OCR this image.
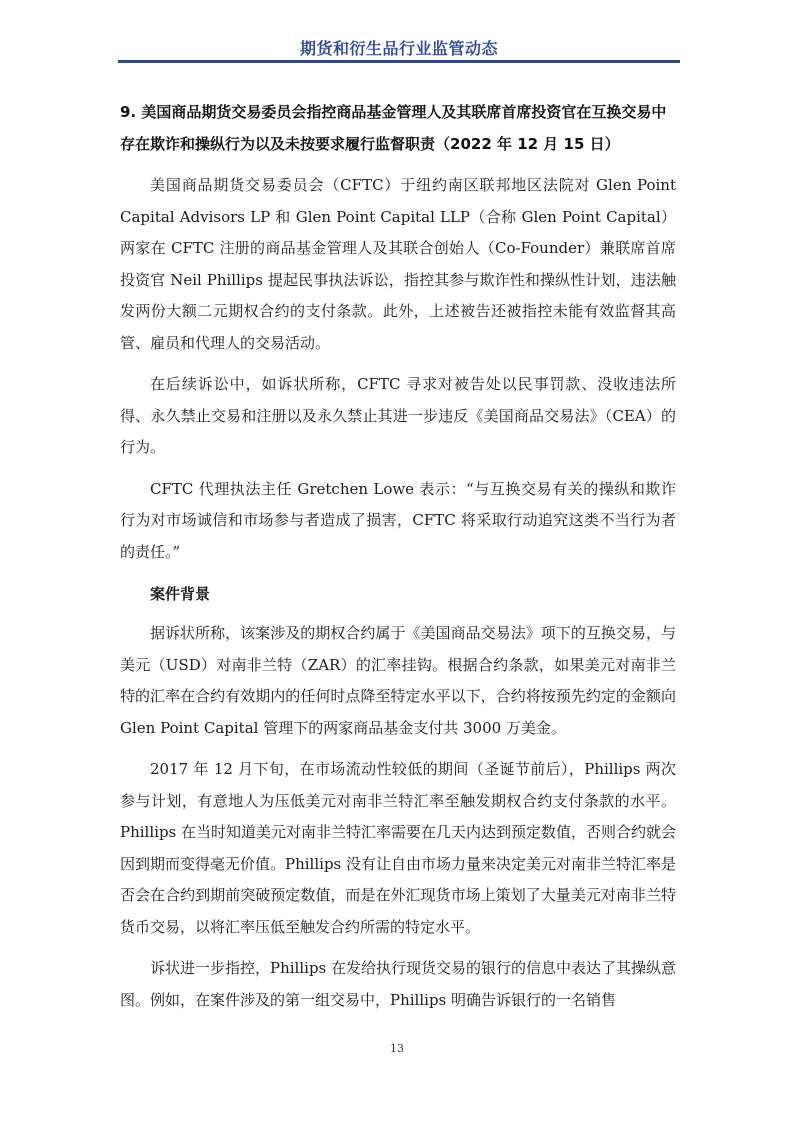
期货和衍生品行业监管动态

9. 美国商品期货交易委员会指控商品基金管理人及其联席首席投资官在互换交易中存在欺诈和操纵行为以及未按要求履行监督职责（2022 年 12 月 15 日）

美国商品期货交易委员会（CFTC）于纽约南区联邦地区法院对 Glen Point Capital Advisors LP 和 Glen Point Capital LLP（合称 Glen Point Capital）两家在 CFTC 注册的商品基金管理人及其联合创始人（Co-Founder）兼联席首席投资官 Neil Phillips 提起民事执法诉讼，指控其参与欺诈性和操纵性计划，违法触发两份大额二元期权合约的支付条款。此外，上述被告还被指控未能有效监督其高管、雇员和代理人的交易活动。

在后续诉讼中，如诉状所称，CFTC 寻求对被告处以民事罚款、没收违法所得、永久禁止交易和注册以及永久禁止其进一步违反《美国商品交易法》（CEA）的行为。

CFTC 代理执法主任 Gretchen Lowe 表示：“与互换交易有关的操纵和欺诈行为对市场诚信和市场参与者造成了损害，CFTC 将采取行动追究这类不当行为者的责任。”

案件背景

据诉状所称，该案涉及的期权合约属于《美国商品交易法》项下的互换交易，与美元（USD）对南非兰特（ZAR）的汇率挂钩。根据合约条款，如果美元对南非兰特的汇率在合约有效期内的任何时点降至特定水平以下，合约将按预先约定的金额向 Glen Point Capital 管理下的两家商品基金支付共 3000 万美金。

2017 年 12 月下旬，在市场流动性较低的期间（圣诞节前后），Phillips 两次参与计划，有意地人为压低美元对南非兰特汇率至触发期权合约支付条款的水平。Phillips 在当时知道美元对南非兰特汇率需要在几天内达到预定数值，否则合约就会因到期而变得毫无价值。Phillips 没有让自由市场力量来决定美元对南非兰特汇率是否会在合约到期前突破预定数值，而是在外汇现货市场上策划了大量美元对南非兰特货币交易，以将汇率压低至触发合约所需的特定水平。

诉状进一步指控，Phillips 在发给执行现货交易的银行的信息中表达了其操纵意图。例如，在案件涉及的第一组交易中，Phillips 明确告诉银行的一名销售

13
